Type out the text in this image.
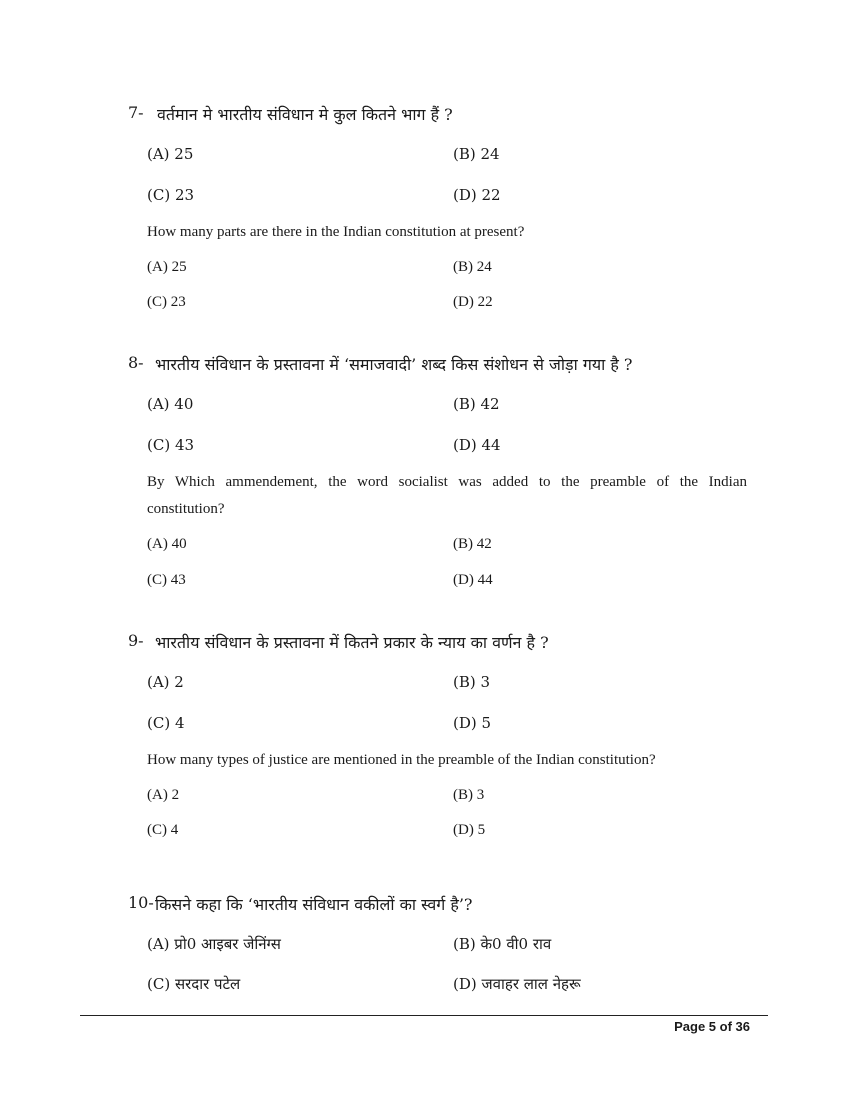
7- वर्तमान मे भारतीय संविधान मे कुल कितने भाग हैं ?
(A) 25	(B) 24
(C) 23	(D) 22
How many parts are there in the Indian constitution at present?
(A) 25	(B) 24
(C) 23	(D) 22
8- भारतीय संविधान के प्रस्तावना में ‘समाजवादी’ शब्द किस संशोधन से जोड़ा गया है ?
(A) 40	(B) 42
(C) 43	(D) 44
By Which ammendement, the word socialist was added to the preamble of the Indian
constitution?
(A) 40	(B) 42
(C) 43	(D) 44
9- भारतीय संविधान के प्रस्तावना में कितने प्रकार के न्याय का वर्णन है ?
(A) 2	(B) 3
(C) 4	(D) 5
How many types of justice are mentioned in the preamble of the Indian constitution?
(A) 2	(B) 3
(C) 4	(D) 5
10- किसने कहा कि ‘भारतीय संविधान वकीलों का स्वर्ग है’?
(A) प्रो0 आइबर जेनिंग्स	(B) के0 वी0 राव
(C) सरदार पटेल	(D) जवाहर लाल नेहरू
Page 5 of 36
